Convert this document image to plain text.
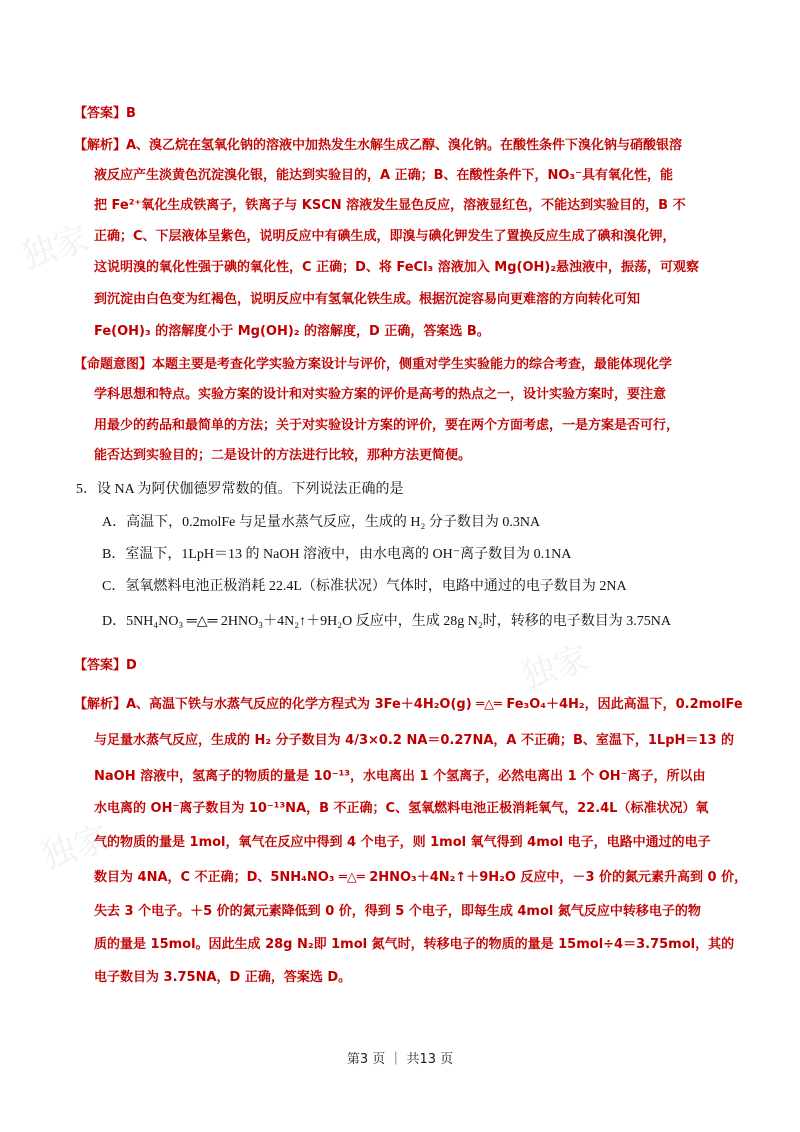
独家
独家
独家
【答案】B
【解析】A、溴乙烷在氢氧化钠的溶液中加热发生水解生成乙醇、溴化钠。在酸性条件下溴化钠与硝酸银溶
液反应产生淡黄色沉淀溴化银，能达到实验目的，A 正确；B、在酸性条件下，NO₃⁻具有氧化性，能
把 Fe²⁺氧化生成铁离子，铁离子与 KSCN 溶液发生显色反应，溶液显红色，不能达到实验目的，B 不
正确；C、下层液体呈紫色，说明反应中有碘生成，即溴与碘化钾发生了置换反应生成了碘和溴化钾，
这说明溴的氧化性强于碘的氧化性，C 正确；D、将 FeCl₃ 溶液加入 Mg(OH)₂悬浊液中，振荡，可观察
到沉淀由白色变为红褐色，说明反应中有氢氧化铁生成。根据沉淀容易向更难溶的方向转化可知
Fe(OH)₃ 的溶解度小于 Mg(OH)₂ 的溶解度，D 正确，答案选 B。
【命题意图】本题主要是考查化学实验方案设计与评价，侧重对学生实验能力的综合考查，最能体现化学
学科思想和特点。实验方案的设计和对实验方案的评价是高考的热点之一，设计实验方案时，要注意
用最少的药品和最简单的方法；关于对实验设计方案的评价，要在两个方面考虑，一是方案是否可行，
能否达到实验目的；二是设计的方法进行比较，那种方法更简便。
5．设 NA 为阿伏伽德罗常数的值。下列说法正确的是
A．高温下，0.2molFe 与足量水蒸气反应，生成的 H₂ 分子数目为 0.3NA
B．室温下，1LpH＝13 的 NaOH 溶液中，由水电离的 OH⁻离子数目为 0.1NA
C．氢氧燃料电池正极消耗 22.4L（标准状况）气体时，电路中通过的电子数目为 2NA
D．5NH₄NO₃ ═△═ 2HNO₃＋4N₂↑＋9H₂O 反应中，生成 28g N₂时，转移的电子数目为 3.75NA
【答案】D
【解析】A、高温下铁与水蒸气反应的化学方程式为 3Fe＋4H₂O(g) ═△═ Fe₃O₄＋4H₂，因此高温下，0.2molFe
与足量水蒸气反应，生成的 H₂ 分子数目为 4/3×0.2 NA＝0.27NA，A 不正确；B、室温下，1LpH＝13 的
NaOH 溶液中，氢离子的物质的量是 10⁻¹³，水电离出 1 个氢离子，必然电离出 1 个 OH⁻离子，所以由
水电离的 OH⁻离子数目为 10⁻¹³NA，B 不正确；C、氢氧燃料电池正极消耗氧气，22.4L（标准状况）氧
气的物质的量是 1mol，氧气在反应中得到 4 个电子，则 1mol 氧气得到 4mol 电子，电路中通过的电子
数目为 4NA，C 不正确；D、5NH₄NO₃ ═△═ 2HNO₃＋4N₂↑＋9H₂O 反应中，－3 价的氮元素升高到 0 价，
失去 3 个电子。＋5 价的氮元素降低到 0 价，得到 5 个电子，即每生成 4mol 氮气反应中转移电子的物
质的量是 15mol。因此生成 28g N₂即 1mol 氮气时，转移电子的物质的量是 15mol÷4＝3.75mol，其的
电子数目为 3.75NA，D 正确，答案选 D。
第3 页 ｜ 共13 页
